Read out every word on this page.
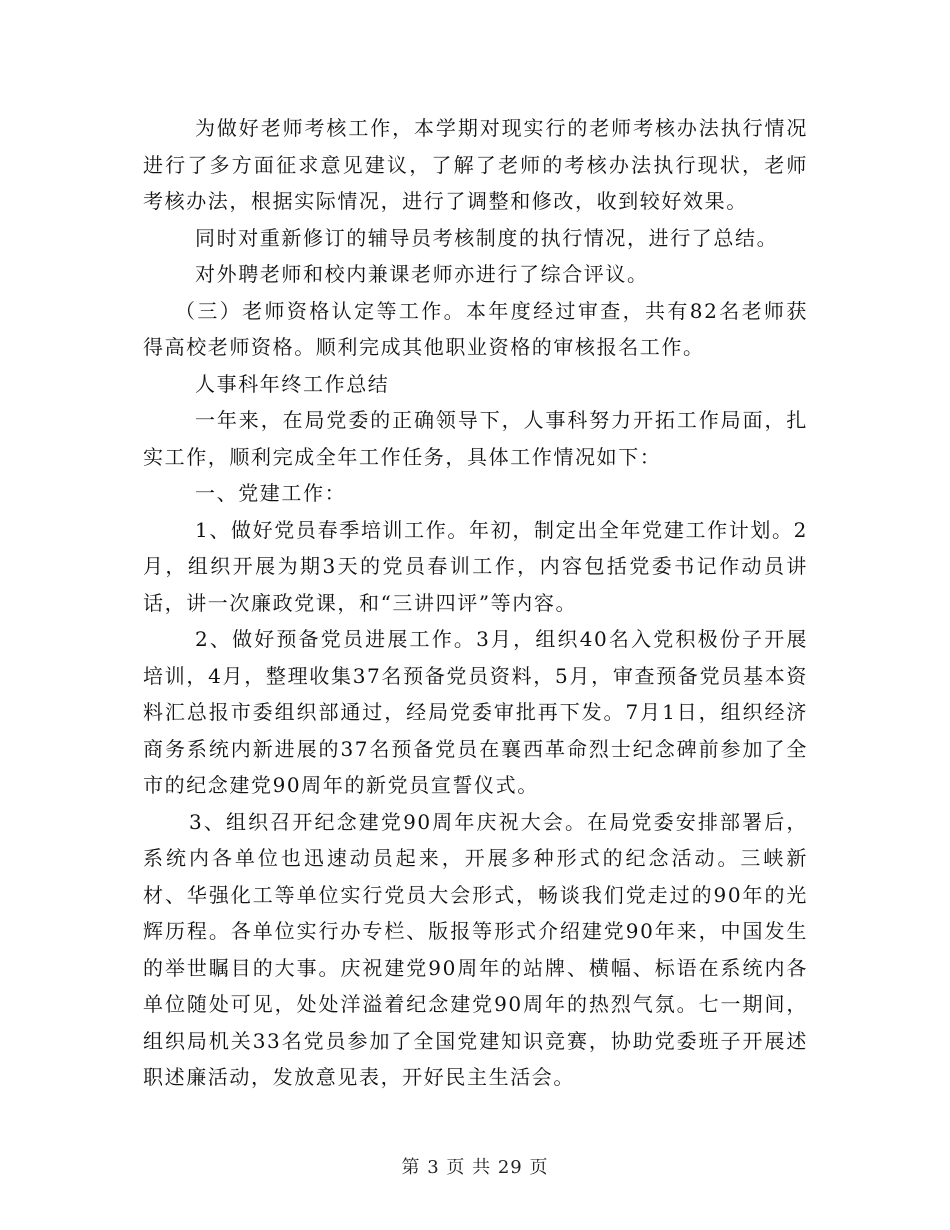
为做好老师考核工作，本学期对现实行的老师考核办法执行情况进行了多方面征求意见建议，了解了老师的考核办法执行现状，老师考核办法，根据实际情况，进行了调整和修改，收到较好效果。

同时对重新修订的辅导员考核制度的执行情况，进行了总结。

对外聘老师和校内兼课老师亦进行了综合评议。

（三）老师资格认定等工作。本年度经过审查，共有82名老师获得高校老师资格。顺利完成其他职业资格的审核报名工作。

人事科年终工作总结

一年来，在局党委的正确领导下，人事科努力开拓工作局面，扎实工作，顺利完成全年工作任务，具体工作情况如下：

一、党建工作：

1、做好党员春季培训工作。年初，制定出全年党建工作计划。2月，组织开展为期3天的党员春训工作，内容包括党委书记作动员讲话，讲一次廉政党课，和“三讲四评”等内容。

2、做好预备党员进展工作。3月，组织40名入党积极份子开展培训，4月，整理收集37名预备党员资料，5月，审查预备党员基本资料汇总报市委组织部通过，经局党委审批再下发。7月1日，组织经济商务系统内新进展的37名预备党员在襄西革命烈士纪念碑前参加了全市的纪念建党90周年的新党员宣誓仪式。

3、组织召开纪念建党90周年庆祝大会。在局党委安排部署后，系统内各单位也迅速动员起来，开展多种形式的纪念活动。三峡新材、华强化工等单位实行党员大会形式，畅谈我们党走过的90年的光辉历程。各单位实行办专栏、版报等形式介绍建党90年来，中国发生的举世瞩目的大事。庆祝建党90周年的站牌、横幅、标语在系统内各单位随处可见，处处洋溢着纪念建党90周年的热烈气氛。七一期间，组织局机关33名党员参加了全国党建知识竞赛，协助党委班子开展述职述廉活动，发放意见表，开好民主生活会。

第 3 页 共 29 页
